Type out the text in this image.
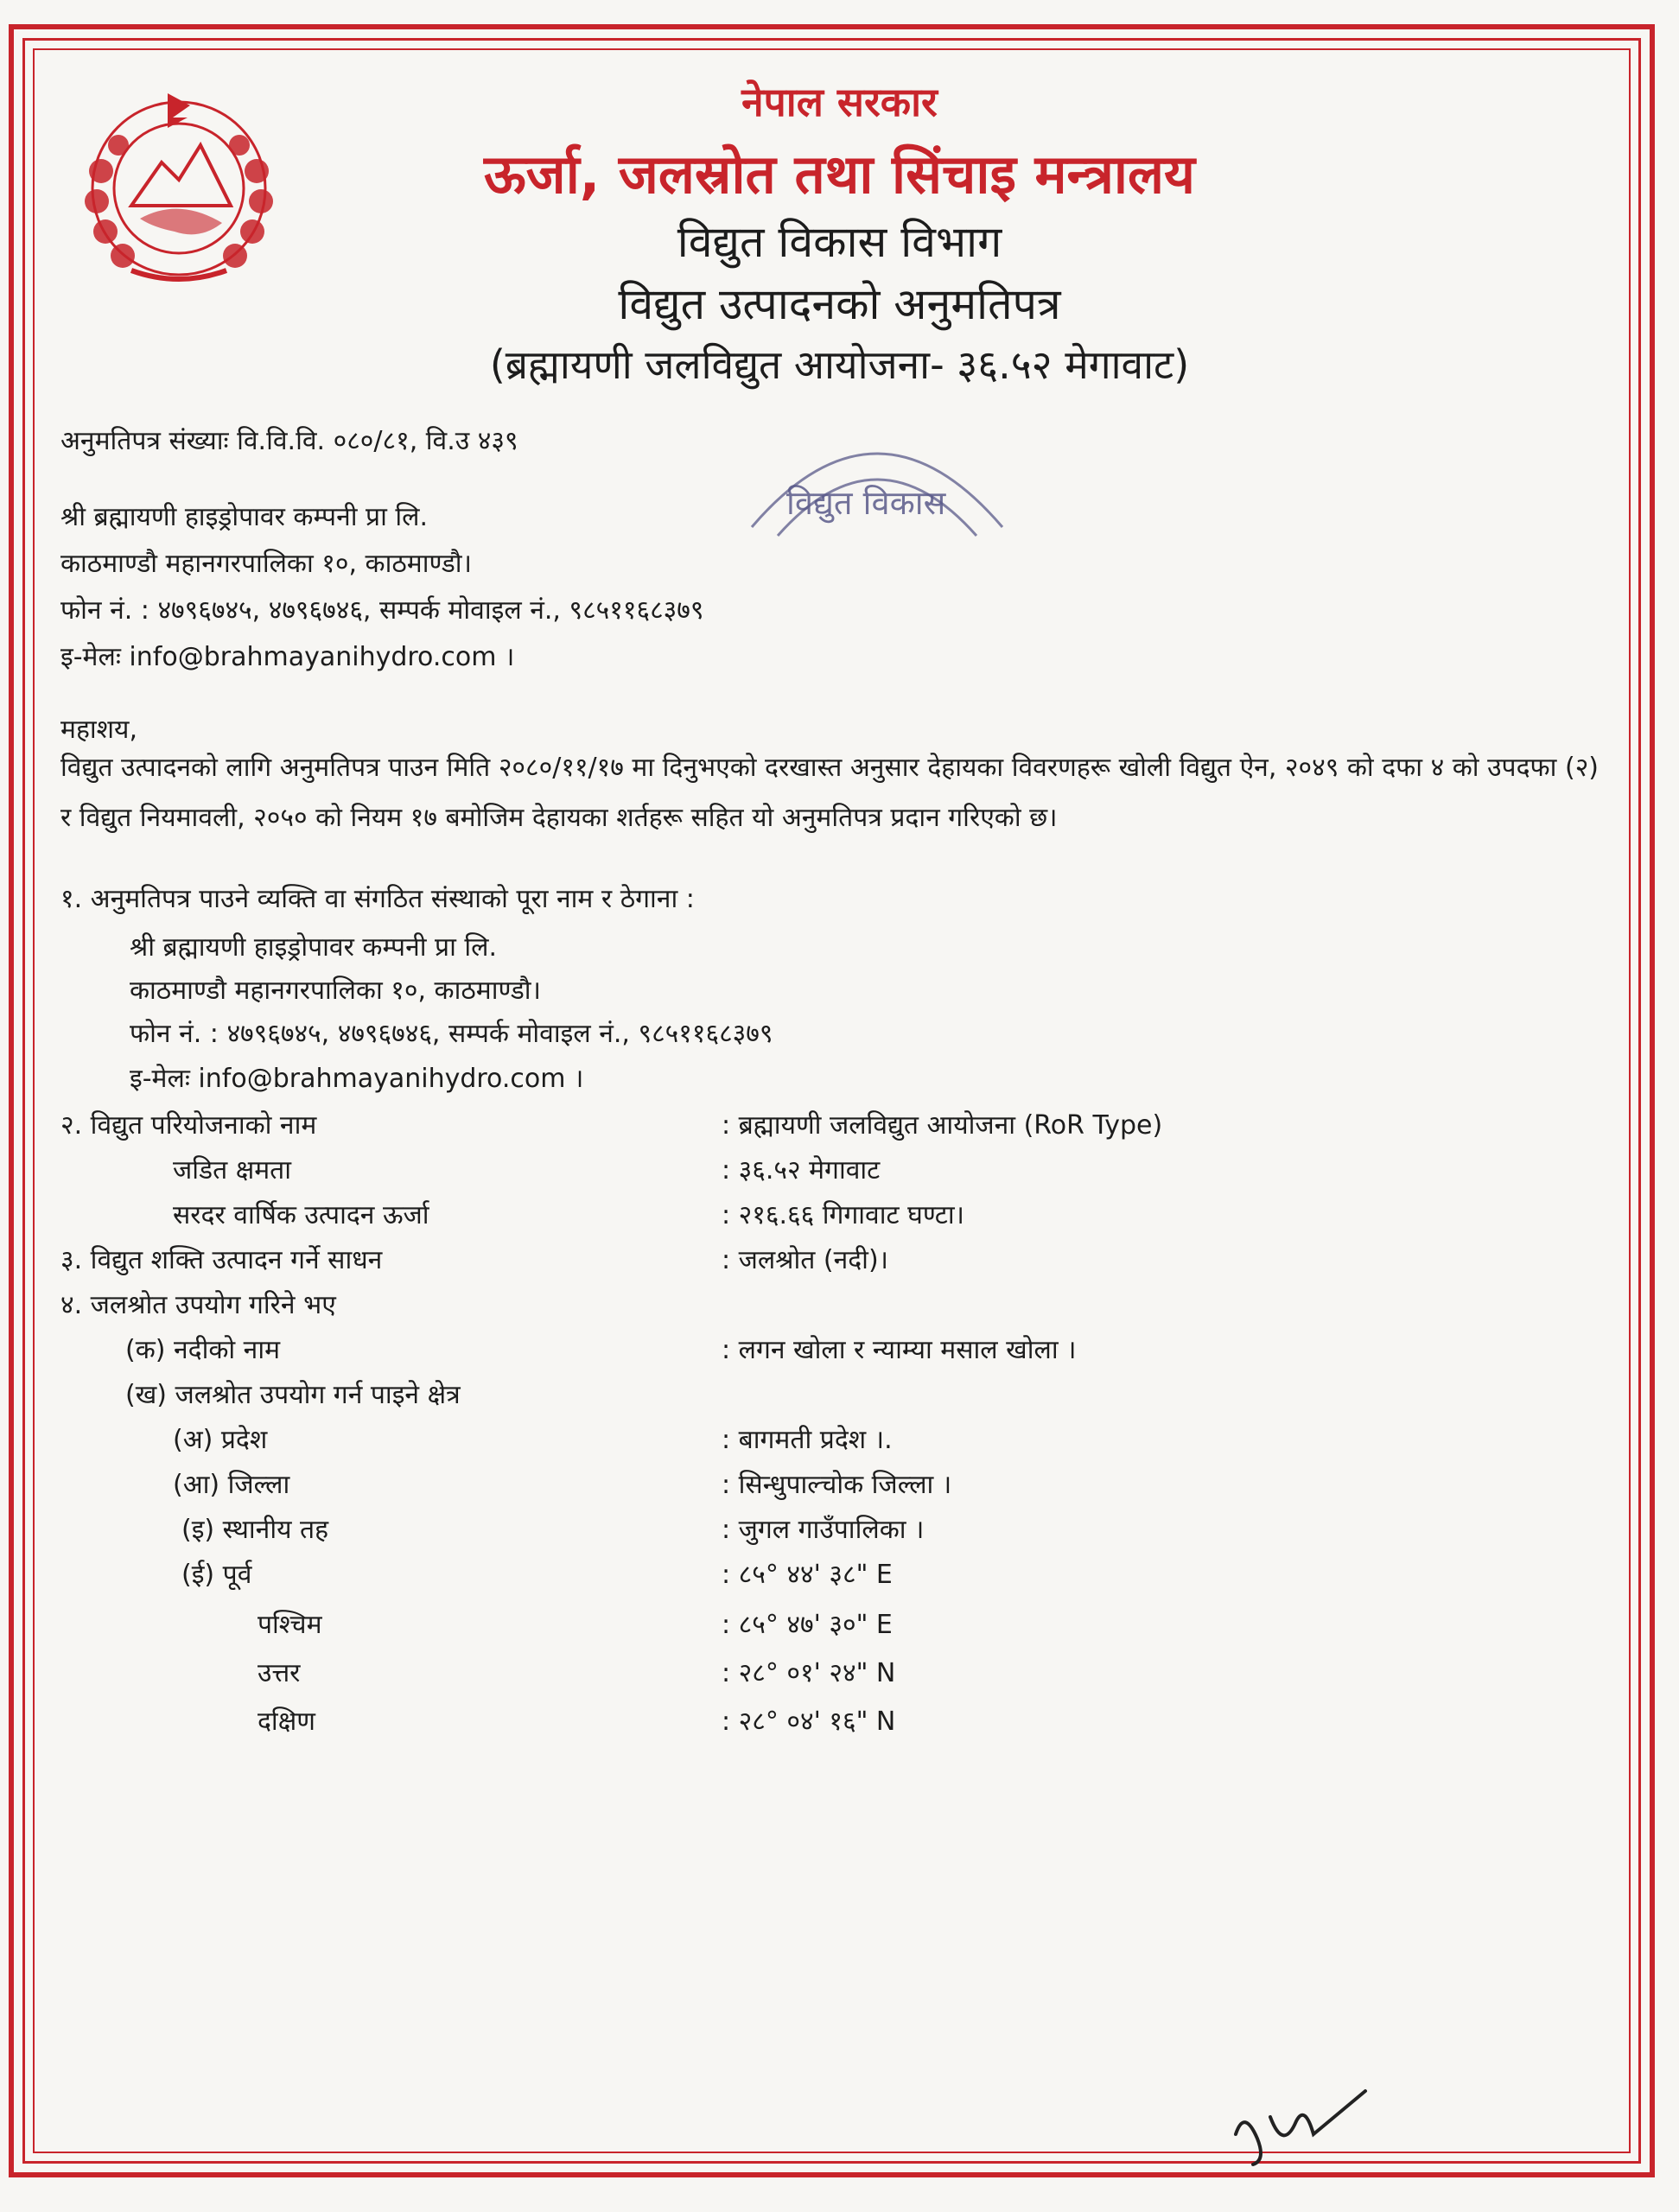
नेपाल सरकार
ऊर्जा, जलस्रोत तथा सिंचाइ मन्त्रालय
विद्युत विकास विभाग
विद्युत उत्पादनको अनुमतिपत्र
(ब्रह्मायणी जलविद्युत आयोजना- ३६.५२ मेगावाट)
अनुमतिपत्र संख्याः वि.वि.वि. ०८०/८१, वि.उ ४३९
विद्युत विकास
श्री ब्रह्मायणी हाइड्रोपावर कम्पनी प्रा लि.
काठमाण्डौ महानगरपालिका १०, काठमाण्डौ।
फोन नं. : ४७९६७४५, ४७९६७४६, सम्पर्क मोवाइल नं., ९८५११६८३७९
इ-मेलः info@brahmayanihydro.com ।
महाशय,
विद्युत उत्पादनको लागि अनुमतिपत्र पाउन मिति २०८०/११/१७ मा दिनुभएको दरखास्त अनुसार देहायका विवरणहरू खोली विद्युत ऐन, २०४९ को दफा ४ को उपदफा (२) र विद्युत नियमावली, २०५० को नियम १७ बमोजिम देहायका शर्तहरू सहित यो अनुमतिपत्र प्रदान गरिएको छ।
१. अनुमतिपत्र पाउने व्यक्ति वा संगठित संस्थाको पूरा नाम र ठेगाना :
श्री ब्रह्मायणी हाइड्रोपावर कम्पनी प्रा लि.
काठमाण्डौ महानगरपालिका १०, काठमाण्डौ।
फोन नं. : ४७९६७४५, ४७९६७४६, सम्पर्क मोवाइल नं., ९८५११६८३७९
इ-मेलः info@brahmayanihydro.com ।
२. विद्युत परियोजनाको नाम	: ब्रह्मायणी जलविद्युत आयोजना (RoR Type)
जडित क्षमता	: ३६.५२ मेगावाट
सरदर वार्षिक उत्पादन ऊर्जा	: २१६.६६ गिगावाट घण्टा।
३. विद्युत शक्ति उत्पादन गर्ने साधन	: जलश्रोत (नदी)।
४. जलश्रोत उपयोग गरिने भए
(क) नदीको नाम	: लगन खोला र न्याम्या मसाल खोला ।
(ख) जलश्रोत उपयोग गर्न पाइने क्षेत्र
(अ) प्रदेश	: बागमती प्रदेश ।.
(आ) जिल्ला	: सिन्धुपाल्चोक जिल्ला ।
(इ) स्थानीय तह	: जुगल गाउँपालिका ।
(ई) पूर्व	: ८५° ४४' ३८" E
पश्चिम	: ८५° ४७' ३०" E
उत्तर	: २८° ०१' २४" N
दक्षिण	: २८° ०४' १६" N
